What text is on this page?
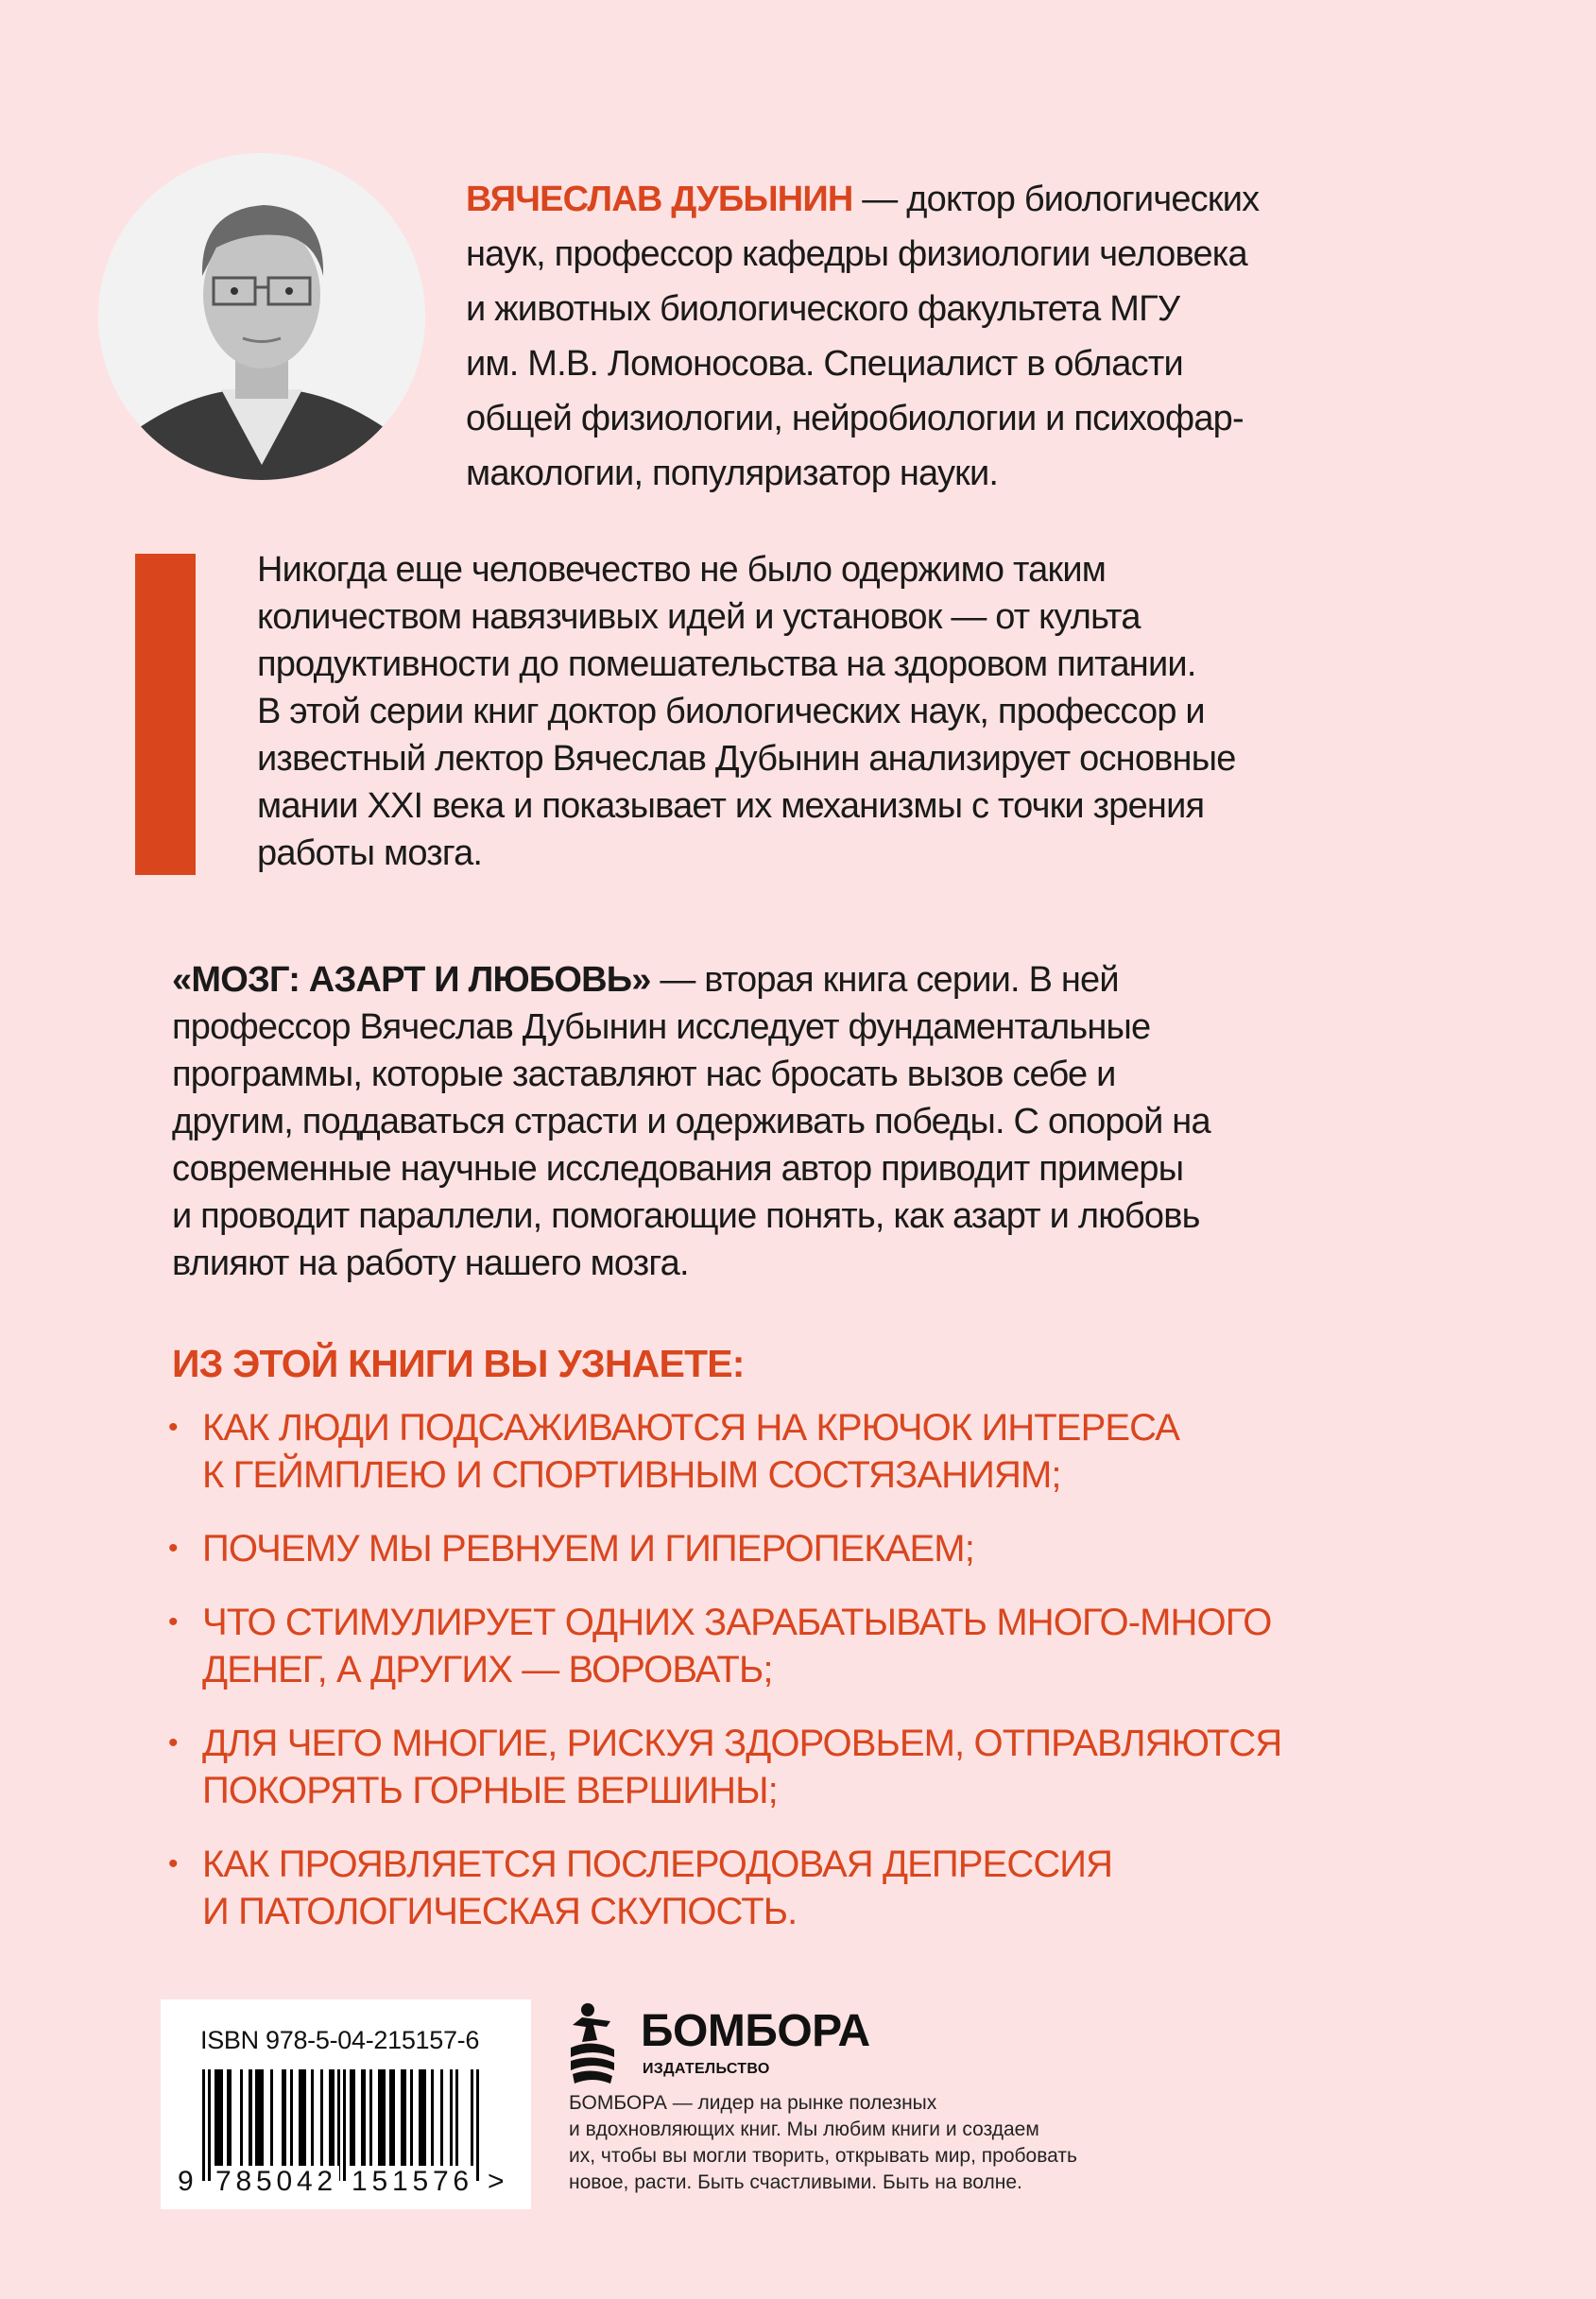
ВЯЧЕСЛАВ ДУБЫНИН — доктор биологических

наук, профессор кафедры физиологии человека

и животных биологического факультета МГУ

им. М.В. Ломоносова. Специалист в области

общей физиологии, нейробиологии и психофар-

макологии, популяризатор науки.

Никогда еще человечество не было одержимо таким

количеством навязчивых идей и установок — от культа

продуктивности до помешательства на здоровом питании.

В этой серии книг доктор биологических наук, профессор и

известный лектор Вячеслав Дубынин анализирует основные

мании XXI века и показывает их механизмы с точки зрения

работы мозга.

«МОЗГ: АЗАРТ И ЛЮБОВЬ» — вторая книга серии. В ней

профессор Вячеслав Дубынин исследует фундаментальные

программы, которые заставляют нас бросать вызов себе и

другим, поддаваться страсти и одерживать победы. С опорой на

современные научные исследования автор приводит примеры

и проводит параллели, помогающие понять, как азарт и любовь

влияют на работу нашего мозга.

ИЗ ЭТОЙ КНИГИ ВЫ УЗНАЕТЕ:
• КАК ЛЮДИ ПОДСАЖИВАЮТСЯ НА КРЮЧОК ИНТЕРЕСА
К ГЕЙМПЛЕЮ И СПОРТИВНЫМ СОСТЯЗАНИЯМ;
• ПОЧЕМУ МЫ РЕВНУЕМ И ГИПЕРОПЕКАЕМ;
• ЧТО СТИМУЛИРУЕТ ОДНИХ ЗАРАБАТЫВАТЬ МНОГО-МНОГО
ДЕНЕГ, А ДРУГИХ — ВОРОВАТЬ;
• ДЛЯ ЧЕГО МНОГИЕ, РИСКУЯ ЗДОРОВЬЕМ, ОТПРАВЛЯЮТСЯ
ПОКОРЯТЬ ГОРНЫЕ ВЕРШИНЫ;
• КАК ПРОЯВЛЯЕТСЯ ПОСЛЕРОДОВАЯ ДЕПРЕССИЯ
И ПАТОЛОГИЧЕСКАЯ СКУПОСТЬ.
ISBN 978-5-04-215157-6
9 785042 151576 >
БОМБОРА
ИЗДАТЕЛЬСТВО

БОМБОРА — лидер на рынке полезных

и вдохновляющих книг. Мы любим книги и создаем

их, чтобы вы могли творить, открывать мир, пробовать

новое, расти. Быть счастливыми. Быть на волне.
